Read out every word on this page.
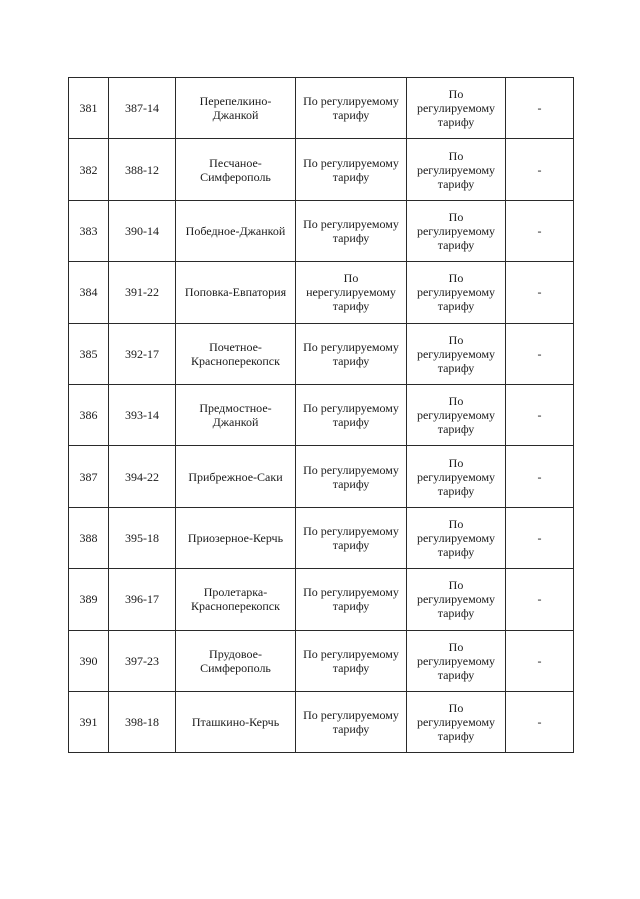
381	387-14	Перепелкино-Джанкой	По регулируемому тарифу	По регулируемому тарифу	-
382	388-12	Песчаное-Симферополь	По регулируемому тарифу	По регулируемому тарифу	-
383	390-14	Победное-Джанкой	По регулируемому тарифу	По регулируемому тарифу	-
384	391-22	Поповка-Евпатория	По нерегулируемому тарифу	По регулируемому тарифу	-
385	392-17	Почетное-Красноперекопск	По регулируемому тарифу	По регулируемому тарифу	-
386	393-14	Предмостное-Джанкой	По регулируемому тарифу	По регулируемому тарифу	-
387	394-22	Прибрежное-Саки	По регулируемому тарифу	По регулируемому тарифу	-
388	395-18	Приозерное-Керчь	По регулируемому тарифу	По регулируемому тарифу	-
389	396-17	Пролетарка-Красноперекопск	По регулируемому тарифу	По регулируемому тарифу	-
390	397-23	Прудовое-Симферополь	По регулируемому тарифу	По регулируемому тарифу	-
391	398-18	Пташкино-Керчь	По регулируемому тарифу	По регулируемому тарифу	-
